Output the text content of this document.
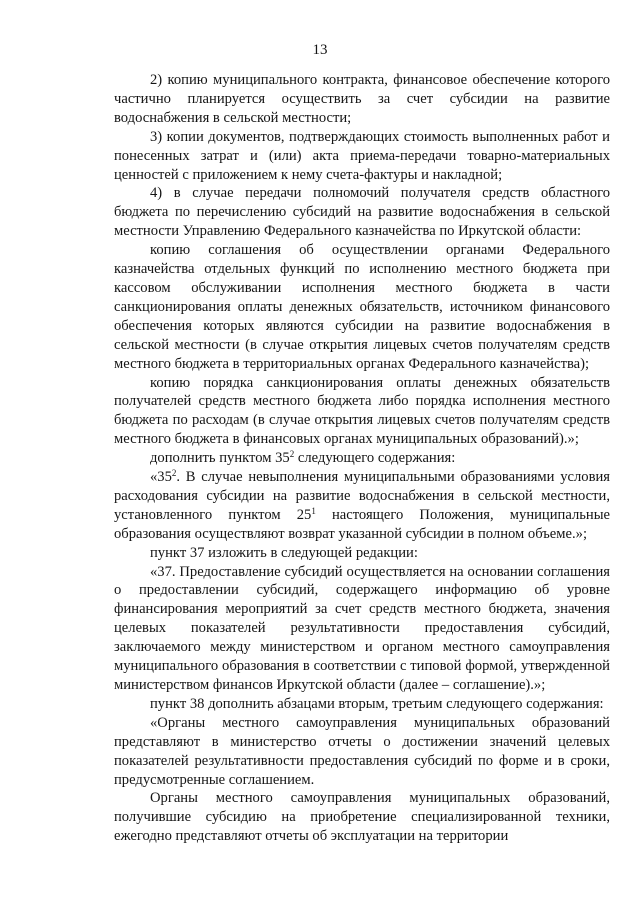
13

2) копию муниципального контракта, финансовое обеспечение которого частично планируется осуществить за счет субсидии на развитие водоснабжения в сельской местности;

3) копии документов, подтверждающих стоимость выполненных работ и понесенных затрат и (или) акта приема-передачи товарно-материальных ценностей с приложением к нему счета-фактуры и накладной;

4) в случае передачи полномочий получателя средств областного бюджета по перечислению субсидий на развитие водоснабжения в сельской местности Управлению Федерального казначейства по Иркутской области:

копию соглашения об осуществлении органами Федерального казначейства отдельных функций по исполнению местного бюджета при кассовом обслуживании исполнения местного бюджета в части санкционирования оплаты денежных обязательств, источником финансового обеспечения которых являются субсидии на развитие водоснабжения в сельской местности (в случае открытия лицевых счетов получателям средств местного бюджета в территориальных органах Федерального казначейства);

копию порядка санкционирования оплаты денежных обязательств получателей средств местного бюджета либо порядка исполнения местного бюджета по расходам (в случае открытия лицевых счетов получателям средств местного бюджета в финансовых органах муниципальных образований).»;

дополнить пунктом $35^2$ следующего содержания:

«$35^2$. В случае невыполнения муниципальными образованиями условия расходования субсидии на развитие водоснабжения в сельской местности, установленного пунктом $25^1$ настоящего Положения, муниципальные образования осуществляют возврат указанной субсидии в полном объеме.»;

пункт 37 изложить в следующей редакции:

«37. Предоставление субсидий осуществляется на основании соглашения о предоставлении субсидий, содержащего информацию об уровне финансирования мероприятий за счет средств местного бюджета, значения целевых показателей результативности предоставления субсидий, заключаемого между министерством и органом местного самоуправления муниципального образования в соответствии с типовой формой, утвержденной министерством финансов Иркутской области (далее – соглашение).»;

пункт 38 дополнить абзацами вторым, третьим следующего содержания:

«Органы местного самоуправления муниципальных образований представляют в министерство отчеты о достижении значений целевых показателей результативности предоставления субсидий по форме и в сроки, предусмотренные соглашением.

Органы местного самоуправления муниципальных образований, получившие субсидию на приобретение специализированной техники, ежегодно представляют отчеты об эксплуатации на территории
